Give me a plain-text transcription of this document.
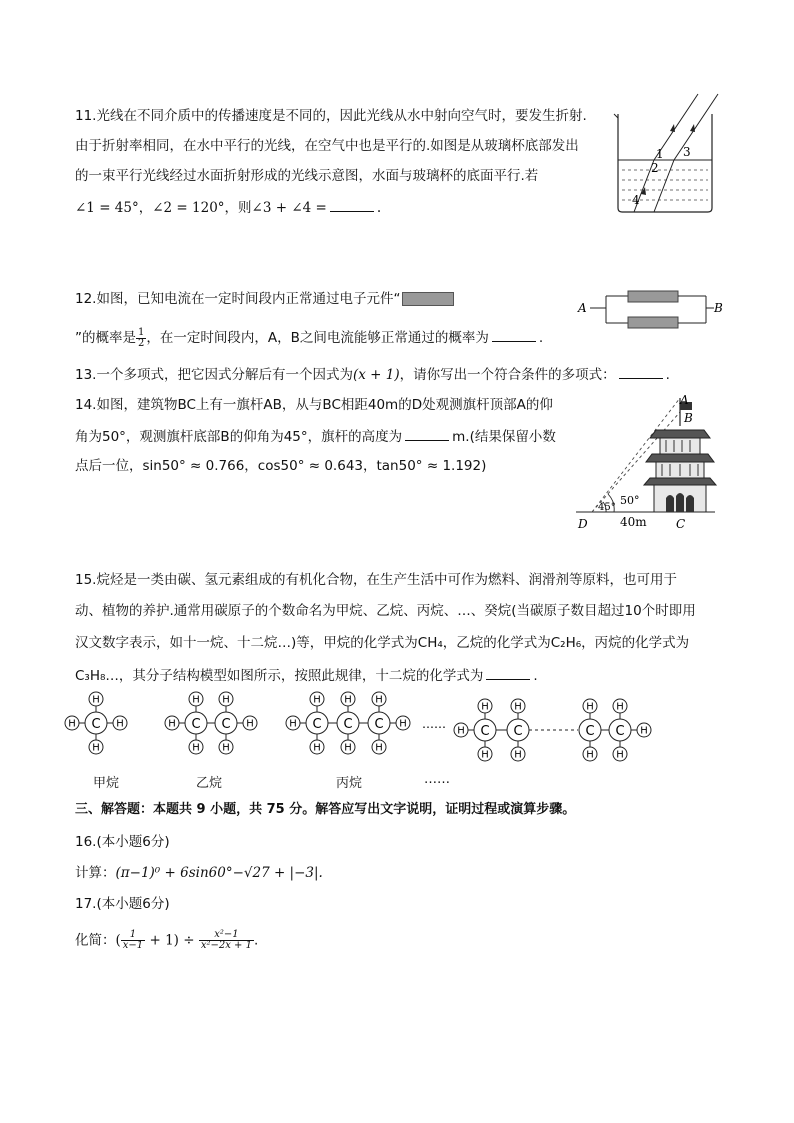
11.光线在不同介质中的传播速度是不同的，因此光线从水中射向空气时，要发生折射.
由于折射率相同，在水中平行的光线，在空气中也是平行的.如图是从玻璃杯底部发出
的一束平行光线经过水面折射形成的光线示意图，水面与玻璃杯的底面平行.若
∠1 = 45°，∠2 = 120°，则∠3 + ∠4 =	.
1
2
3
4
12.如图，已知电流在一定时间段内正常通过电子元件“
”的概率是 $\frac{1}{2}$ ，在一定时间段内，A，B之间电流能够正常通过的概率为	.
A	B
13.一个多项式，把它因式分解后有一个因式为(x + 1)，请你写出一个符合条件的多项式：	.
14.如图，建筑物BC上有一旗杆AB，从与BC相距40m的D处观测旗杆顶部A的仰
角为50°，观测旗杆底部B的仰角为45°，旗杆的高度为	m.(结果保留小数
点后一位，sin50° ≈ 0.766，cos50° ≈ 0.643，tan50° ≈ 1.192)
A
B
D	C
45°
50°
40m
15.烷烃是一类由碳、氢元素组成的有机化合物，在生产生活中可作为燃料、润滑剂等原料，也可用于
动、植物的养护.通常用碳原子的个数命名为甲烷、乙烷、丙烷、…、癸烷(当碳原子数目超过10个时即用
汉文数字表示，如十一烷、十二烷…)等，甲烷的化学式为CH₄，乙烷的化学式为C₂H₆，丙烷的化学式为
C₃H₈…，其分子结构模型如图所示，按照此规律，十二烷的化学式为	.
H
H
H	H
C
H
H
H
H
H	H
C C
H
H
H
H
H
H
H	H
C C C	……
H
H
H
H
H C C
H
H
H
H
H
C C
甲烷	乙烷	丙烷	……
三、解答题：本题共 9 小题，共 75 分。解答应写出文字说明，证明过程或演算步骤。
16.(本小题6分)
计算：(π−1)⁰ + 6sin60°−√27 + |−3|.
17.(本小题6分)
化简：( $\frac{1}{x-1} + 1) \div \frac{\text{x²−1}}{\text{x²−2x + 1}}$ .
